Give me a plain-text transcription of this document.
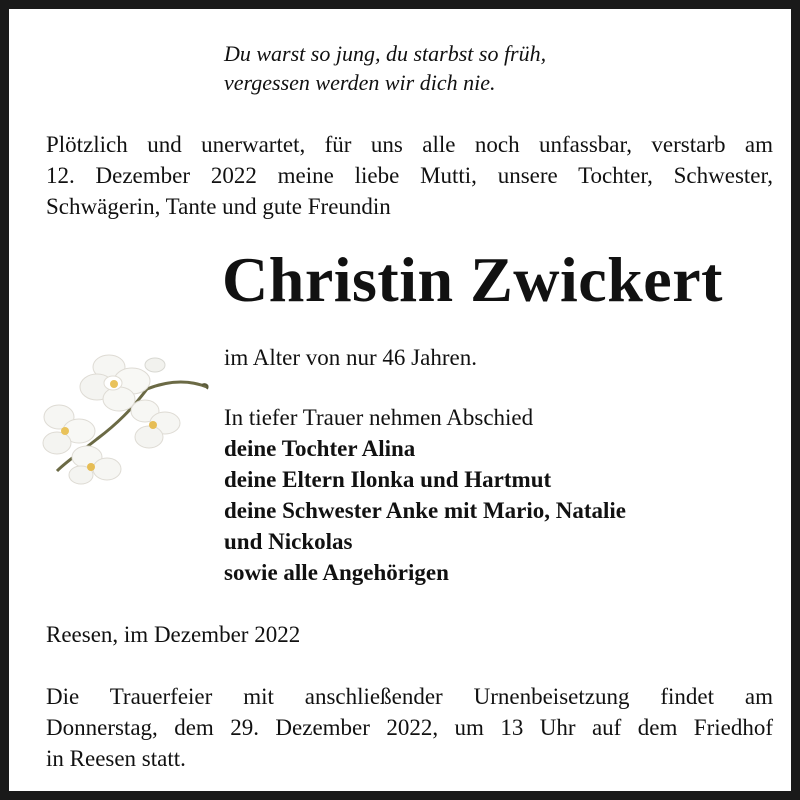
Du warst so jung, du starbst so früh,

vergessen werden wir dich nie.

Plötzlich und unerwartet, für uns alle noch unfassbar, verstarb am

12. Dezember 2022 meine liebe Mutti, unsere Tochter, Schwester,

Schwägerin, Tante und gute Freundin

Christin Zwickert

im Alter von nur 46 Jahren.

In tiefer Trauer nehmen Abschied

deine Tochter Alina

deine Eltern Ilonka und Hartmut

deine Schwester Anke mit Mario, Natalie

und Nickolas

sowie alle Angehörigen

Reesen, im Dezember 2022

Die Trauerfeier mit anschließender Urnenbeisetzung findet am

Donnerstag, dem 29. Dezember 2022, um 13 Uhr auf dem Friedhof

in Reesen statt.
